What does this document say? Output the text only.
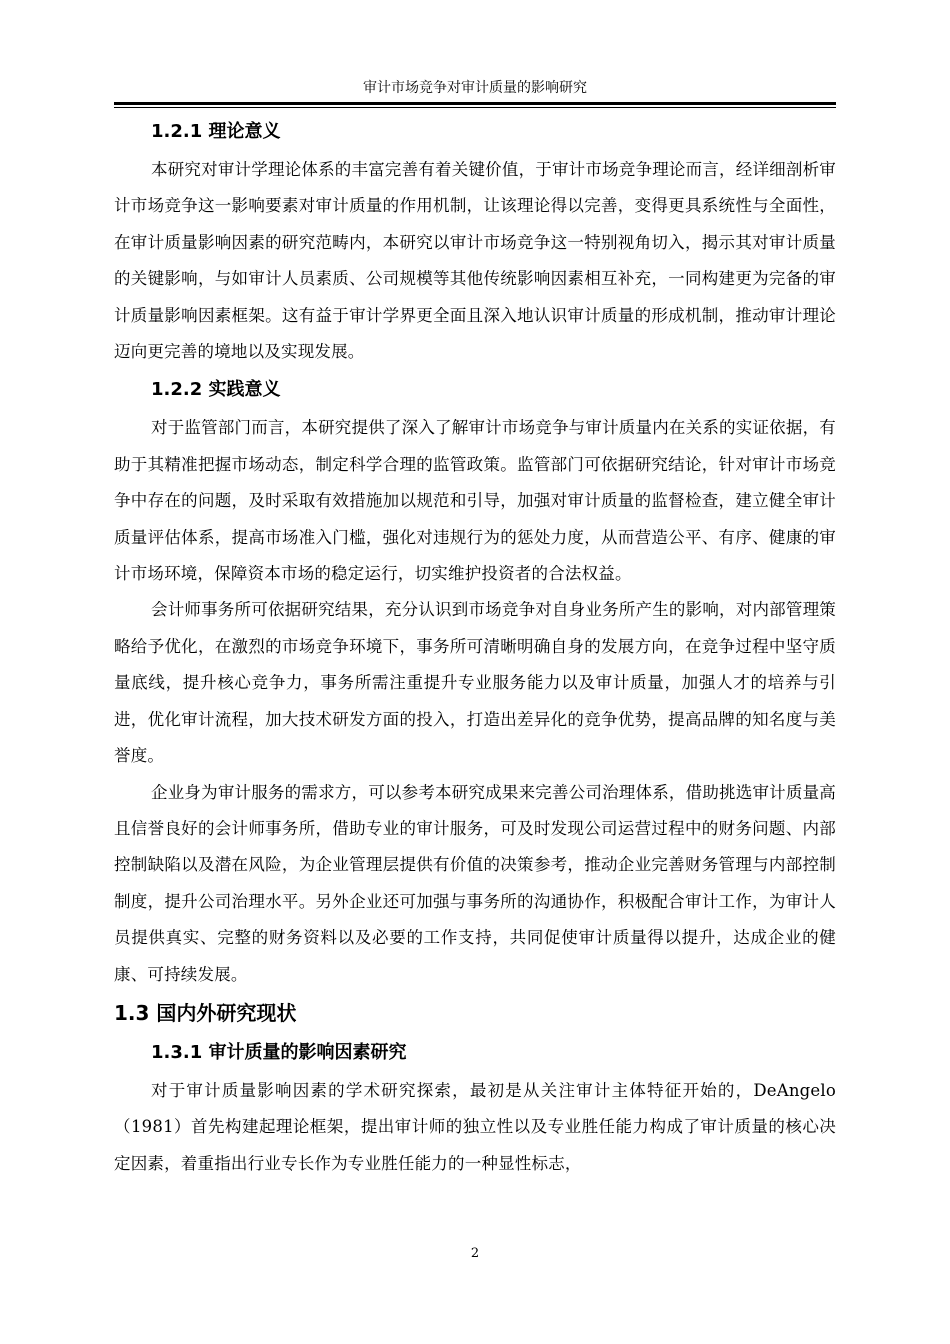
审计市场竞争对审计质量的影响研究
1.2.1 理论意义

本研究对审计学理论体系的丰富完善有着关键价值，于审计市场竞争理论而言，经详细剖析审计市场竞争这一影响要素对审计质量的作用机制，让该理论得以完善，变得更具系统性与全面性，在审计质量影响因素的研究范畴内，本研究以审计市场竞争这一特别视角切入，揭示其对审计质量的关键影响，与如审计人员素质、公司规模等其他传统影响因素相互补充，一同构建更为完备的审计质量影响因素框架。这有益于审计学界更全面且深入地认识审计质量的形成机制，推动审计理论迈向更完善的境地以及实现发展。

1.2.2 实践意义

对于监管部门而言，本研究提供了深入了解审计市场竞争与审计质量内在关系的实证依据，有助于其精准把握市场动态，制定科学合理的监管政策。监管部门可依据研究结论，针对审计市场竞争中存在的问题，及时采取有效措施加以规范和引导，加强对审计质量的监督检查，建立健全审计质量评估体系，提高市场准入门槛，强化对违规行为的惩处力度，从而营造公平、有序、健康的审计市场环境，保障资本市场的稳定运行，切实维护投资者的合法权益。

会计师事务所可依据研究结果，充分认识到市场竞争对自身业务所产生的影响，对内部管理策略给予优化，在激烈的市场竞争环境下，事务所可清晰明确自身的发展方向，在竞争过程中坚守质量底线，提升核心竞争力，事务所需注重提升专业服务能力以及审计质量，加强人才的培养与引进，优化审计流程，加大技术研发方面的投入，打造出差异化的竞争优势，提高品牌的知名度与美誉度。

企业身为审计服务的需求方，可以参考本研究成果来完善公司治理体系，借助挑选审计质量高且信誉良好的会计师事务所，借助专业的审计服务，可及时发现公司运营过程中的财务问题、内部控制缺陷以及潜在风险，为企业管理层提供有价值的决策参考，推动企业完善财务管理与内部控制制度，提升公司治理水平。另外企业还可加强与事务所的沟通协作，积极配合审计工作，为审计人员提供真实、完整的财务资料以及必要的工作支持，共同促使审计质量得以提升，达成企业的健康、可持续发展。

1.3 国内外研究现状
1.3.1 审计质量的影响因素研究

对于审计质量影响因素的学术研究探索，最初是从关注审计主体特征开始的，DeAngelo（1981）首先构建起理论框架，提出审计师的独立性以及专业胜任能力构成了审计质量的核心决定因素，着重指出行业专长作为专业胜任能力的一种显性标志，

2
